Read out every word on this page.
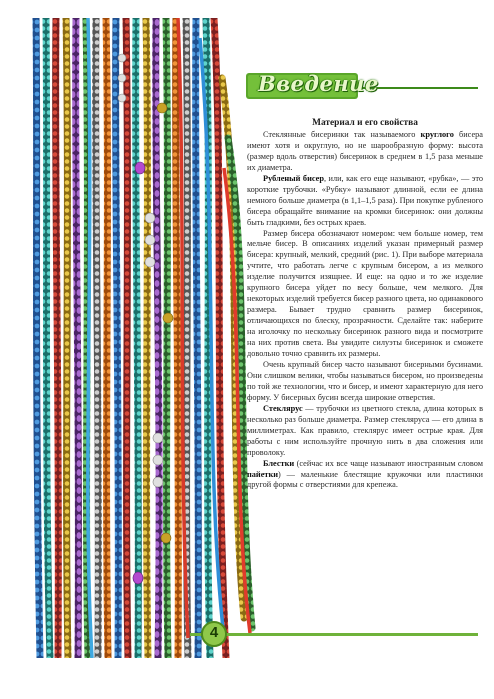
Введение
Материал и его свойства

Стеклянные бисеринки так называемого круглого бисера имеют хотя и округлую, но не шарообразную форму: высота (размер вдоль отверстия) бисеринок в среднем в 1,5 раза меньше их диаметра.

Рубленый бисер, или, как его еще называют, «рубка», — это короткие трубочки. «Рубку» называют длинной, если ее длина немного больше диаметра (в 1,1–1,5 раза). При покупке рубленого бисера обращайте внимание на кромки бисеринок: они должны быть гладкими, без острых краев.

Размер бисера обозначают номером: чем больше номер, тем мельче бисер. В описаниях изделий указан примерный размер бисера: крупный, мелкий, средний (рис. 1). При выборе материала учтите, что работать легче с крупным бисером, а из мелкого изделие получится изящнее. И еще: на одно и то же изделие крупного бисера уйдет по весу больше, чем мелкого. Для некоторых изделий требуется бисер разного цвета, но одинакового размера. Бывает трудно сравнить размер бисеринок, отличающихся по блеску, прозрачности. Сделайте так: наберите на иголочку по нескольку бисеринок разного вида и посмотрите на них против света. Вы увидите силуэты бисеринок и сможете довольно точно сравнить их размеры.

Очень крупный бисер часто называют бисерными бусинами. Они слишком велики, чтобы называться бисером, но произведены по той же технологии, что и бисер, и имеют характерную для него форму. У бисерных бусин всегда широкие отверстия.

Стеклярус — трубочки из цветного стекла, длина которых в несколько раз больше диаметра. Размер стекляруса — его длина в миллиметрах. Как правило, стеклярус имеет острые края. Для работы с ним используйте прочную нить в два сложения или проволоку.

Блестки (сейчас их все чаще называют иностранным словом пайетки) — маленькие блестящие кружочки или пластинки другой формы с отверстиями для крепежа.

4
